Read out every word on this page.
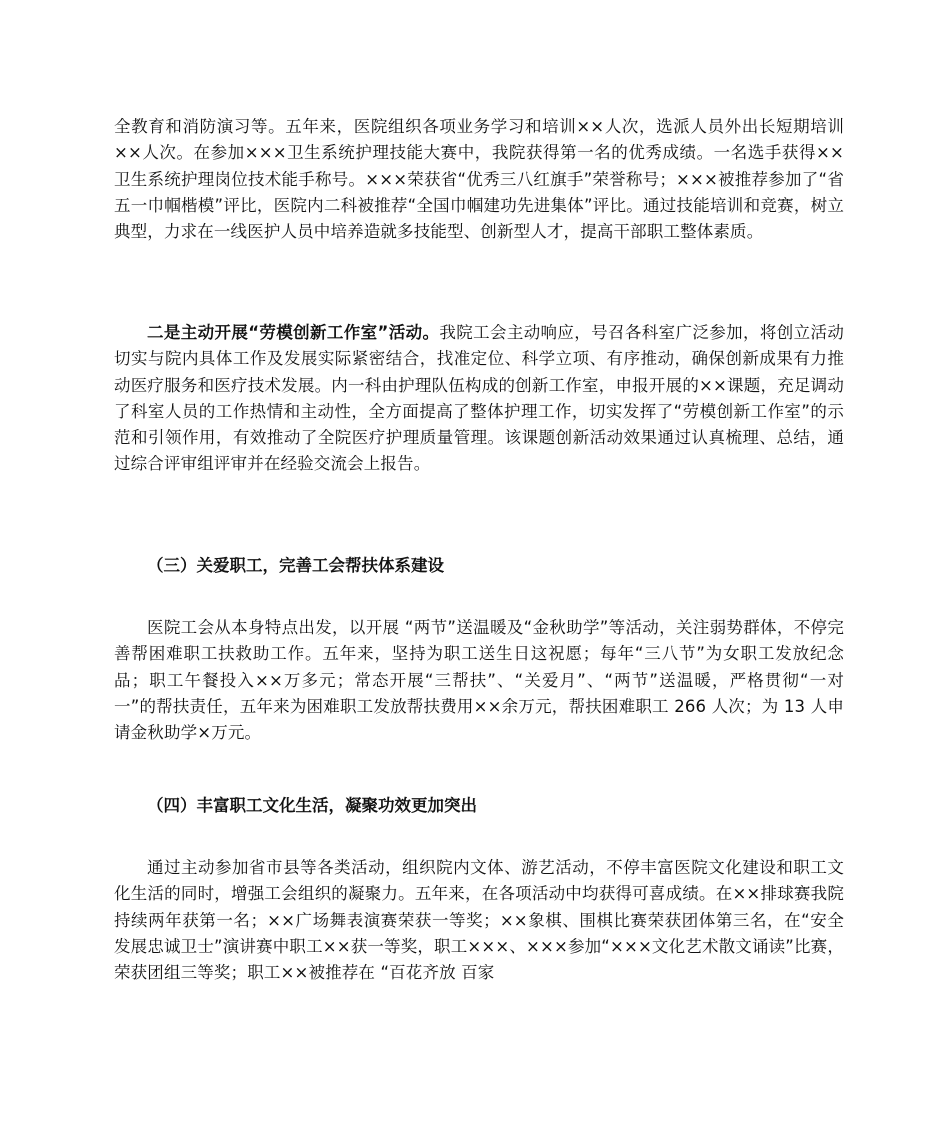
全教育和消防演习等。五年来，医院组织各项业务学习和培训××人次，选派人员外出长短期培训××人次。在参加×××卫生系统护理技能大赛中，我院获得第一名的优秀成绩。一名选手获得××卫生系统护理岗位技术能手称号。×××荣获省“优秀三八红旗手”荣誉称号；×××被推荐参加了“省五一巾帼楷模”评比，医院内二科被推荐“全国巾帼建功先进集体”评比。通过技能培训和竞赛，树立典型，力求在一线医护人员中培养造就多技能型、创新型人才，提高干部职工整体素质。

二是主动开展“劳模创新工作室”活动。我院工会主动响应，号召各科室广泛参加，将创立活动切实与院内具体工作及发展实际紧密结合，找准定位、科学立项、有序推动，确保创新成果有力推动医疗服务和医疗技术发展。内一科由护理队伍构成的创新工作室，申报开展的××课题，充足调动了科室人员的工作热情和主动性，全方面提高了整体护理工作，切实发挥了“劳模创新工作室”的示范和引领作用，有效推动了全院医疗护理质量管理。该课题创新活动效果通过认真梳理、总结，通过综合评审组评审并在经验交流会上报告。

（三）关爱职工，完善工会帮扶体系建设

医院工会从本身特点出发，以开展 “两节”送温暖及“金秋助学”等活动，关注弱势群体，不停完善帮困难职工扶救助工作。五年来，坚持为职工送生日这祝愿；每年“三八节”为女职工发放纪念品；职工午餐投入××万多元；常态开展“三帮扶”、“关爱月”、“两节”送温暖，严格贯彻“一对一”的帮扶责任，五年来为困难职工发放帮扶费用××余万元，帮扶困难职工 266 人次；为 13 人申请金秋助学×万元。

（四）丰富职工文化生活，凝聚功效更加突出

通过主动参加省市县等各类活动，组织院内文体、游艺活动，不停丰富医院文化建设和职工文化生活的同时，增强工会组织的凝聚力。五年来，在各项活动中均获得可喜成绩。在××排球赛我院持续两年获第一名；××广场舞表演赛荣获一等奖；××象棋、围棋比赛荣获团体第三名，在“安全发展忠诚卫士”演讲赛中职工××获一等奖，职工×××、×××参加“×××文化艺术散文诵读”比赛，荣获团组三等奖；职工××被推荐在 “百花齐放 百家
